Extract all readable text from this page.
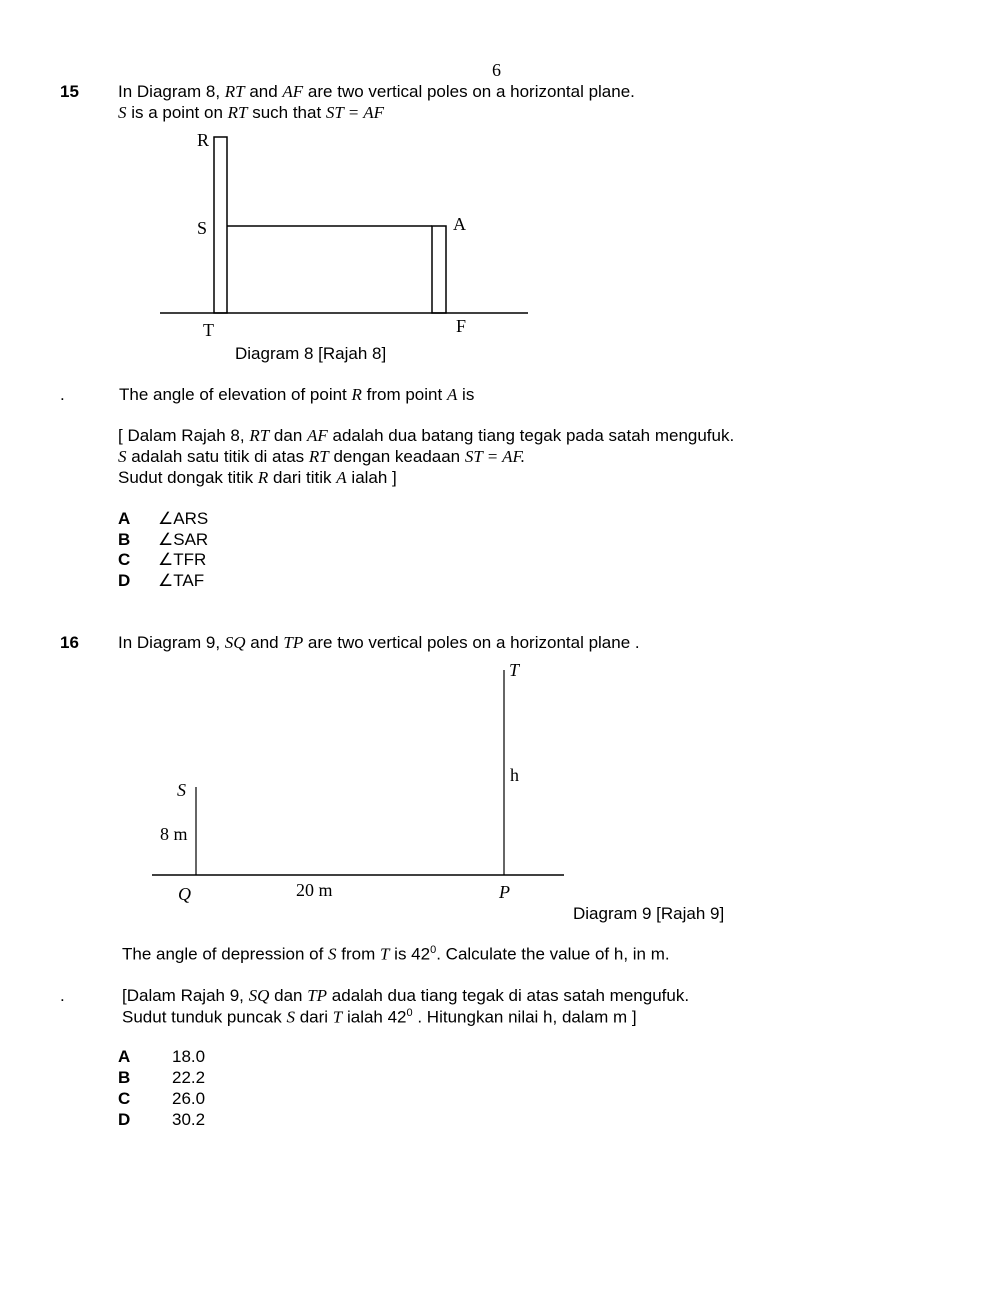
6
15 In Diagram 8, RT and AF are two vertical poles on a horizontal plane.
S is a point on RT such that ST = AF
R
S	A
T	F
Diagram 8 [Rajah 8]
.	The angle of elevation of point R from point A is
[ Dalam Rajah 8, RT dan AF adalah dua batang tiang tegak pada satah mengufuk.
S adalah satu titik di atas RT dengan keadaan ST = AF.
Sudut dongak titik R dari titik A ialah ]
A ∠ARS
B ∠SAR
C ∠TFR
D ∠TAF
16 In Diagram 9, SQ and TP are two vertical poles on a horizontal plane .
T
h
S
8 m
Q	20 m	P
Diagram 9 [Rajah 9]
The angle of depression of S from T is $42^0$. Calculate the value of h, in m.
.	[Dalam Rajah 9, SQ dan TP adalah dua tiang tegak di atas satah mengufuk.
Sudut tunduk puncak S dari T ialah $42^0$ . Hitungkan nilai h, dalam m ]
A 18.0
B 22.2
C 26.0
D 30.2
